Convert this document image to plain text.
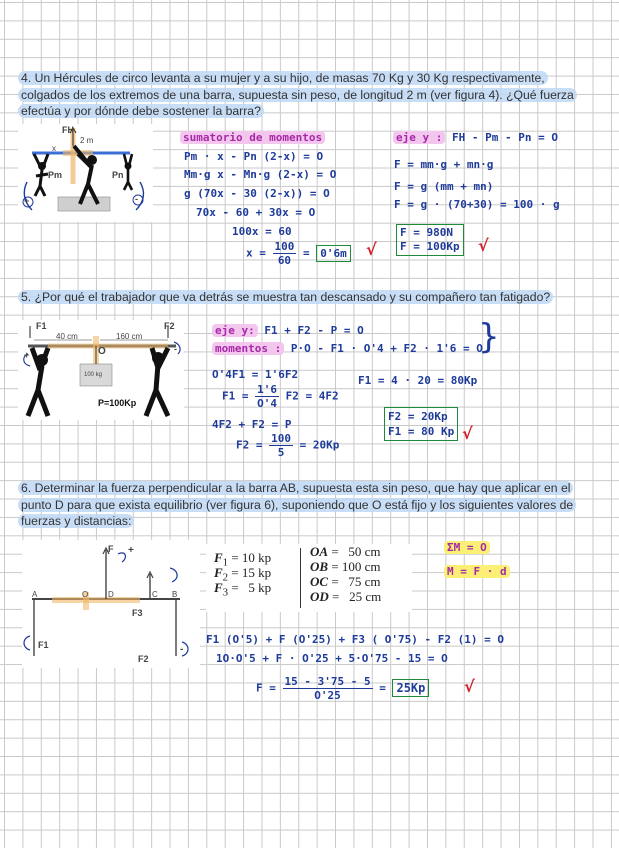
4. Un Hércules de circo levanta a su mujer y a su hijo, de masas 70 Kg y 30 Kg respectivamente, colgados de los extremos de una barra, supuesta sin peso, de longitud 2 m (ver figura 4). ¿Qué fuerza efectúa y por dónde debe sostener la barra?
FH
2 m
x
Pm	Pn
+	-
sumatorio de momentos	eje y : FH - Pm - Pn = O
Pm · x - Pn (2-x) = O
Mm·g x - Mn·g (2-x) = O
g (70x - 30 (2-x)) = O
70x - 60 + 30x = O
100x = 60
$x = \frac{100}{60} = 0'6m$ √
F = mm·g + mn·g
F = g (mm + mn)
F = g · (70+30) = 100 · g
F = 980N
F = 100Kp √
5. ¿Por qué el trabajador que va detrás se muestra tan descansado y su compañero tan fatigado?
F1	F2
40 cm	160 cm
O
P=100Kp
100 kg
+
-
eje y: F1 + F2 - P = O
momentos : P·O - F1 · O'4 + F2 · 1'6 = O
}
O'4F1 = 1'6F2
$F1 = \frac{1'6}{O'4} F2 = 4F2$
4F2 + F2 = P
$F2 = \frac{100}{5} = 20Kp$
F1 = 4 · 20 = 80Kp
F2 = 20Kp
F1 = 80 Kp √
6. Determinar la fuerza perpendicular a la barra AB, supuesta esta sin peso, que hay que aplicar en el punto D para que exista equilibrio (ver figura 6), suponiendo que O está fijo y los siguientes valores de fuerzas y distancias:
F
F3
F1
F2
A	O D	C B
+
-
$F_1 = 10$ kp
$F_2 = 15$ kp
$F_3 = 5$ kp
OA =   50 cm
OB = 100 cm
OC =   75 cm
OD =   25 cm
ΣM = O
M = F · d
F1 (O'5) + F (O'25) + F3 ( O'75) - F2 (1) = O
1O·O'5 + F · O'25 + 5·O'75 - 15 = O
$F = \frac{15 - 3'75 - 5}{O'25} = 25Kp$ √
